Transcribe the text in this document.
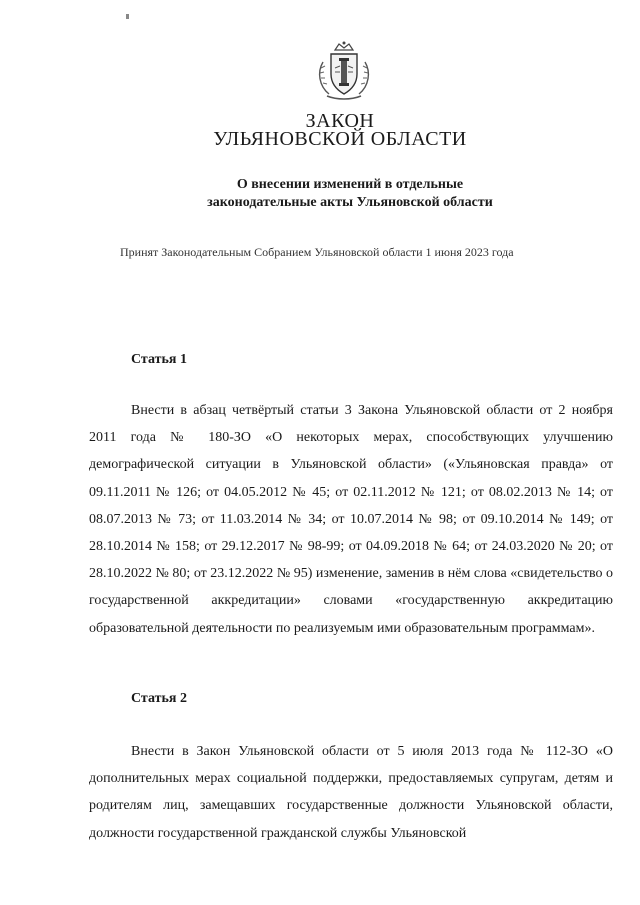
ЗАКОН
УЛЬЯНОВСКОЙ ОБЛАСТИ
О внесении изменений в отдельные
законодательные акты Ульяновской области
Принят Законодательным Собранием Ульяновской области 1 июня 2023 года
Статья 1
Внести в абзац четвёртый статьи 3 Закона Ульяновской области от 2 ноября 2011 года № 180-ЗО «О некоторых мерах, способствующих улучшению демографической ситуации в Ульяновской области» («Ульяновская правда» от 09.11.2011 № 126; от 04.05.2012 № 45; от 02.11.2012 № 121; от 08.02.2013 № 14; от 08.07.2013 № 73; от 11.03.2014 № 34; от 10.07.2014 № 98; от 09.10.2014 № 149; от 28.10.2014 № 158; от 29.12.2017 № 98-99; от 04.09.2018 № 64; от 24.03.2020 № 20; от 28.10.2022 № 80; от 23.12.2022 № 95) изменение, заменив в нём слова «свидетельство о государственной аккредитации» словами «государственную аккредитацию образовательной деятельности по реализуемым ими образовательным программам».
Статья 2
Внести в Закон Ульяновской области от 5 июля 2013 года № 112-ЗО «О дополнительных мерах социальной поддержки, предоставляемых супругам, детям и родителям лиц, замещавших государственные должности Ульяновской области, должности государственной гражданской службы Ульяновской
